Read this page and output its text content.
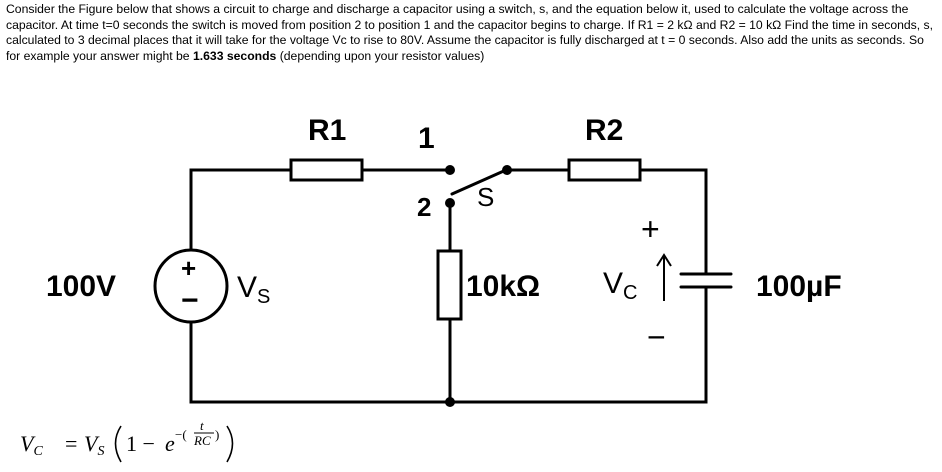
Consider the Figure below that shows a circuit to charge and discharge a capacitor using a switch, s, and the equation below it, used to calculate the voltage across the capacitor. At time t=0 seconds the switch is moved from position 2 to position 1 and the capacitor begins to charge. If R1 = 2 kΩ and R2 = 10 kΩ Find the time in seconds, s, calculated to 3 decimal places that it will take for the voltage Vc to rise to 80V. Assume the capacitor is fully discharged at t = 0 seconds. Also add the units as seconds. So for example your answer might be 1.633 seconds (depending upon your resistor values)
R1	R2
1
2 S
100V
+
− $V_S$	10kΩ $V_C$
+
−
100µF
VC = VS 1 − e −(
t
RC )
